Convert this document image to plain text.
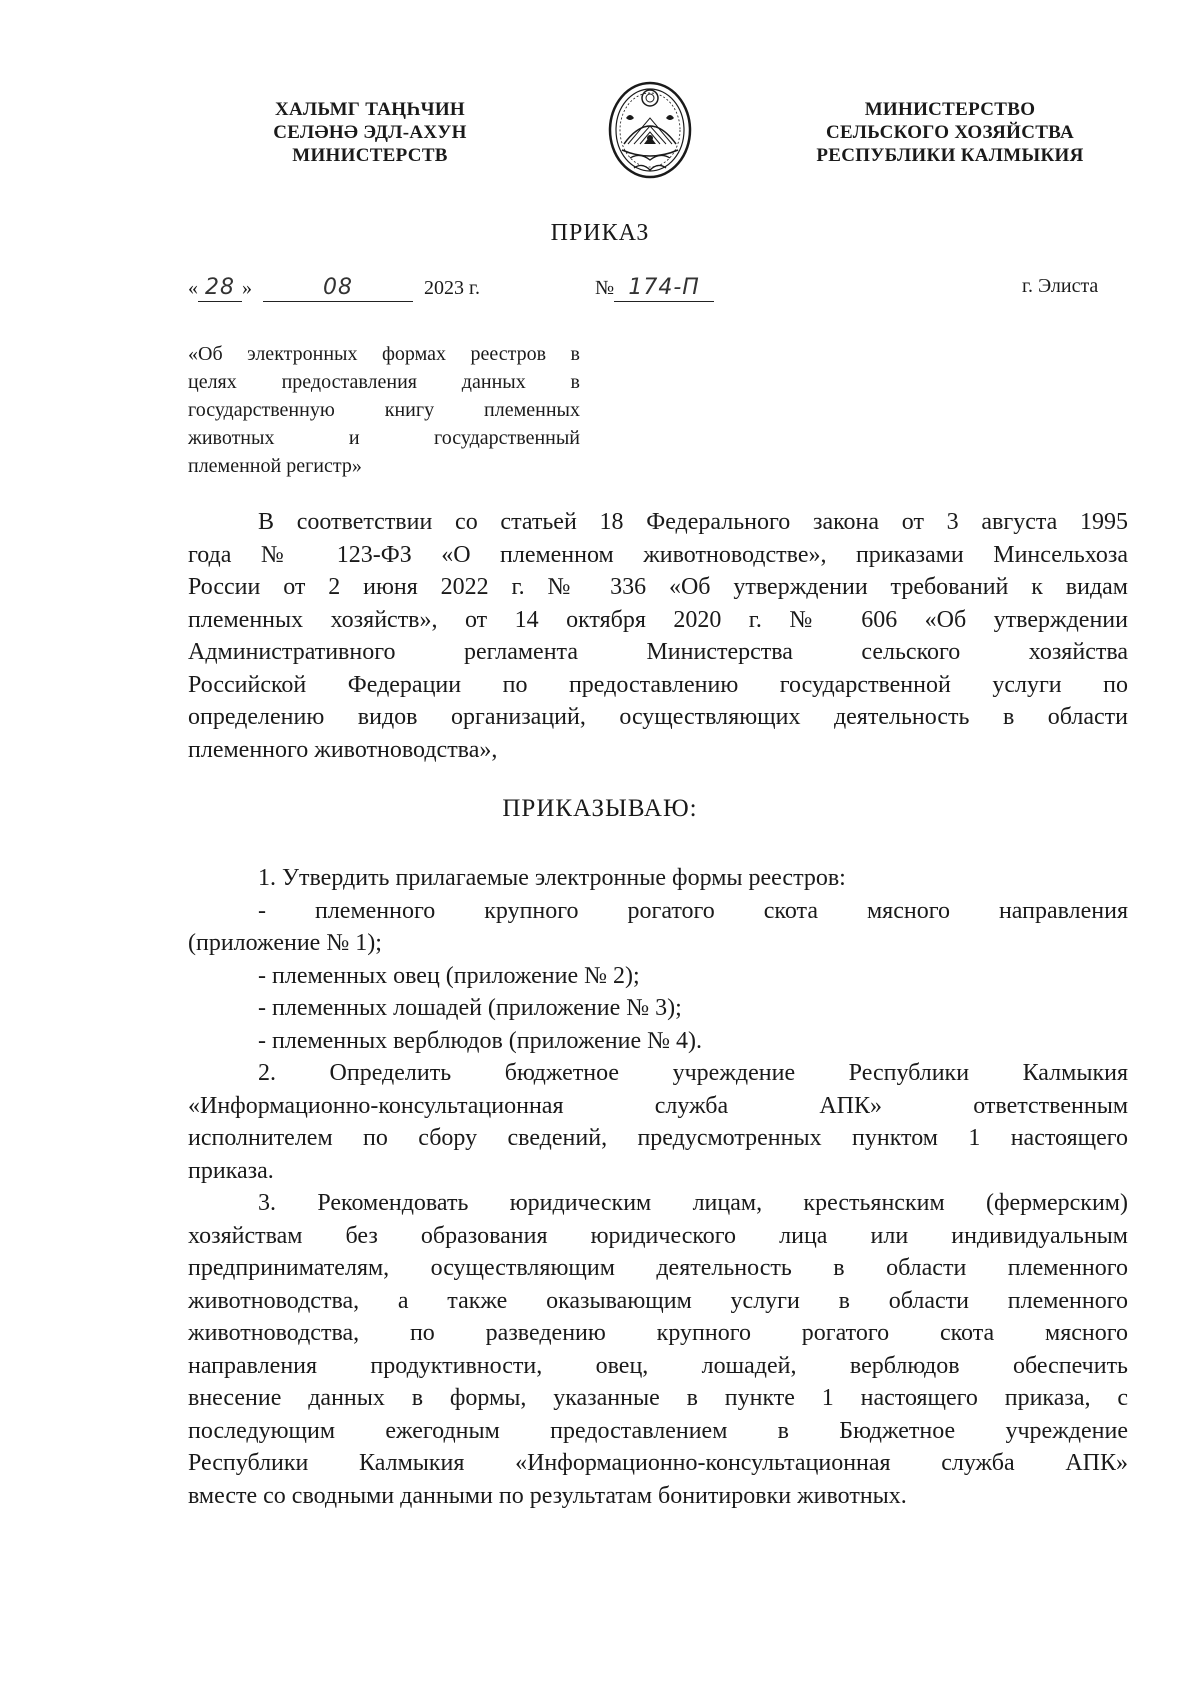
ХАЛЬМГ ТАҢҺЧИН
СЕЛӘНӘ ЭДЛ-АХУН
МИНИСТЕРСТВ
МИНИСТЕРСТВО
СЕЛЬСКОГО ХОЗЯЙСТВА
РЕСПУБЛИКИ КАЛМЫКИЯ
ПРИКАЗ
« 28 »	08	2023 г.	№ 174-П	г. Элиста
«Об электронных формах реестров в
целях предоставления данных в
государственную книгу племенных
животных и государственный
племенной регистр»
В соответствии со статьей 18 Федерального закона от 3 августа 1995
года № 123-ФЗ «О племенном животноводстве», приказами Минсельхоза
России от 2 июня 2022 г. № 336 «Об утверждении требований к видам
племенных хозяйств», от 14 октября 2020 г. № 606 «Об утверждении
Административного регламента Министерства сельского хозяйства
Российской Федерации по предоставлению государственной услуги по
определению видов организаций, осуществляющих деятельность в области
племенного животноводства»,
ПРИКАЗЫВАЮ:
1. Утвердить прилагаемые электронные формы реестров:
- племенного крупного рогатого скота мясного направления
(приложение № 1);
- племенных овец (приложение № 2);
- племенных лошадей (приложение № 3);
- племенных верблюдов (приложение № 4).
2. Определить бюджетное учреждение Республики Калмыкия
«Информационно-консультационная служба АПК» ответственным
исполнителем по сбору сведений, предусмотренных пунктом 1 настоящего
приказа.
3. Рекомендовать юридическим лицам, крестьянским (фермерским)
хозяйствам без образования юридического лица или индивидуальным
предпринимателям, осуществляющим деятельность в области племенного
животноводства, а также оказывающим услуги в области племенного
животноводства, по разведению крупного рогатого скота мясного
направления продуктивности, овец, лошадей, верблюдов обеспечить
внесение данных в формы, указанные в пункте 1 настоящего приказа, с
последующим ежегодным предоставлением в Бюджетное учреждение
Республики Калмыкия «Информационно-консультационная служба АПК»
вместе со сводными данными по результатам бонитировки животных.
